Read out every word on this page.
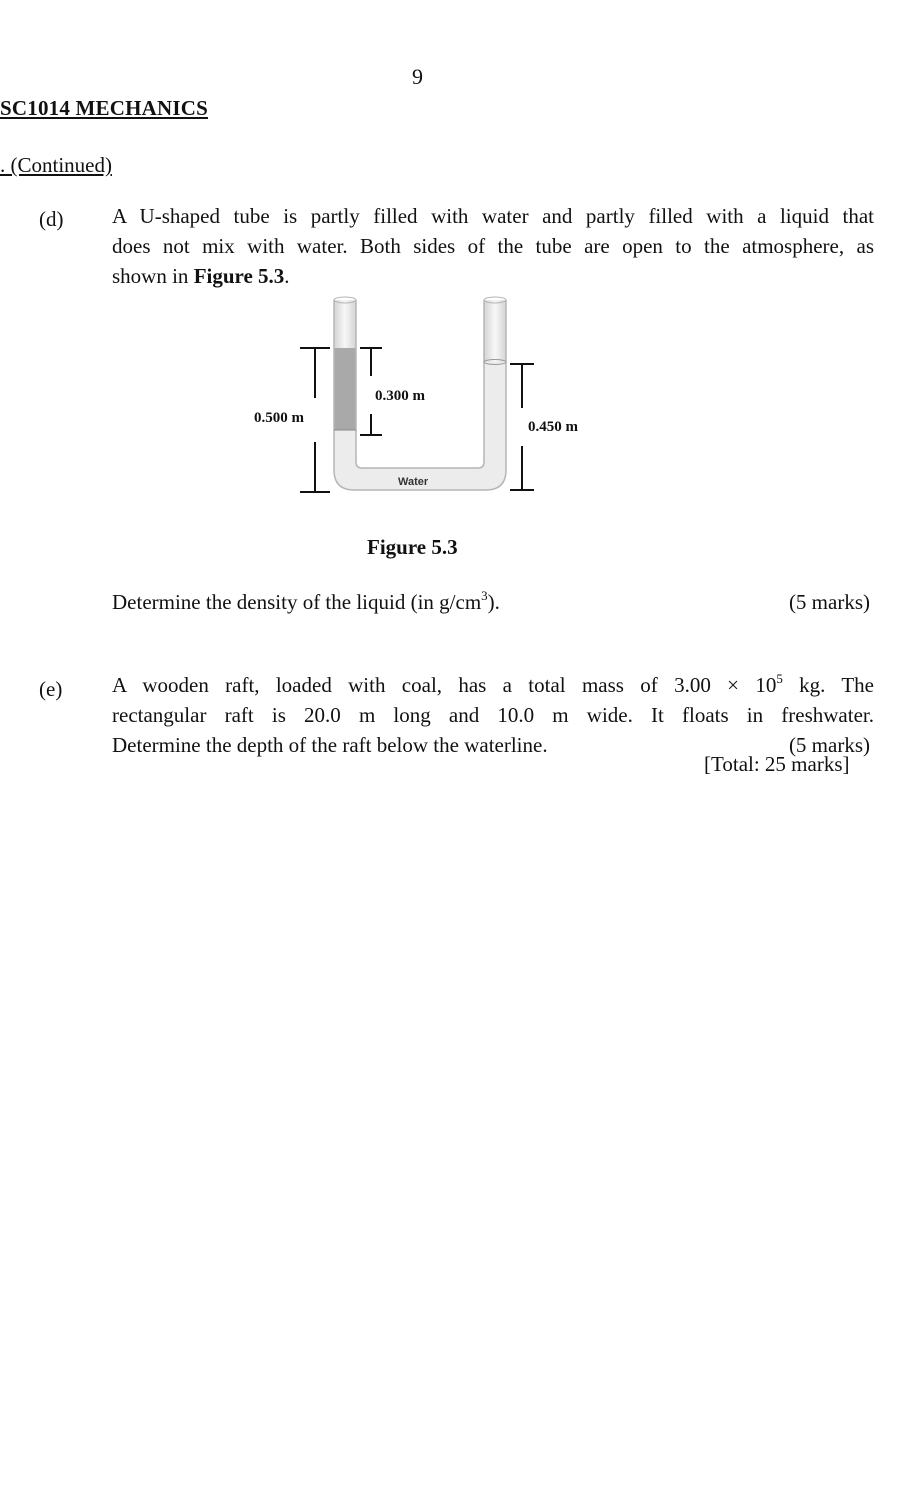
9
SC1014 MECHANICS
. (Continued)
(d) A U-shaped tube is partly filled with water and partly filled with a liquid that
does not mix with water. Both sides of the tube are open to the atmosphere, as
shown in Figure 5.3.
0.500 m
0.300 m
0.450 m
Water
Figure 5.3
Determine the density of the liquid (in $g/cm^3$).	(5 marks)
(e) A wooden raft, loaded with coal, has a total mass of $3.00 \times 10^5$ kg. The
rectangular raft is 20.0 m long and 10.0 m wide. It floats in freshwater.
Determine the depth of the raft below the waterline.	(5 marks)
[Total: 25 marks]
